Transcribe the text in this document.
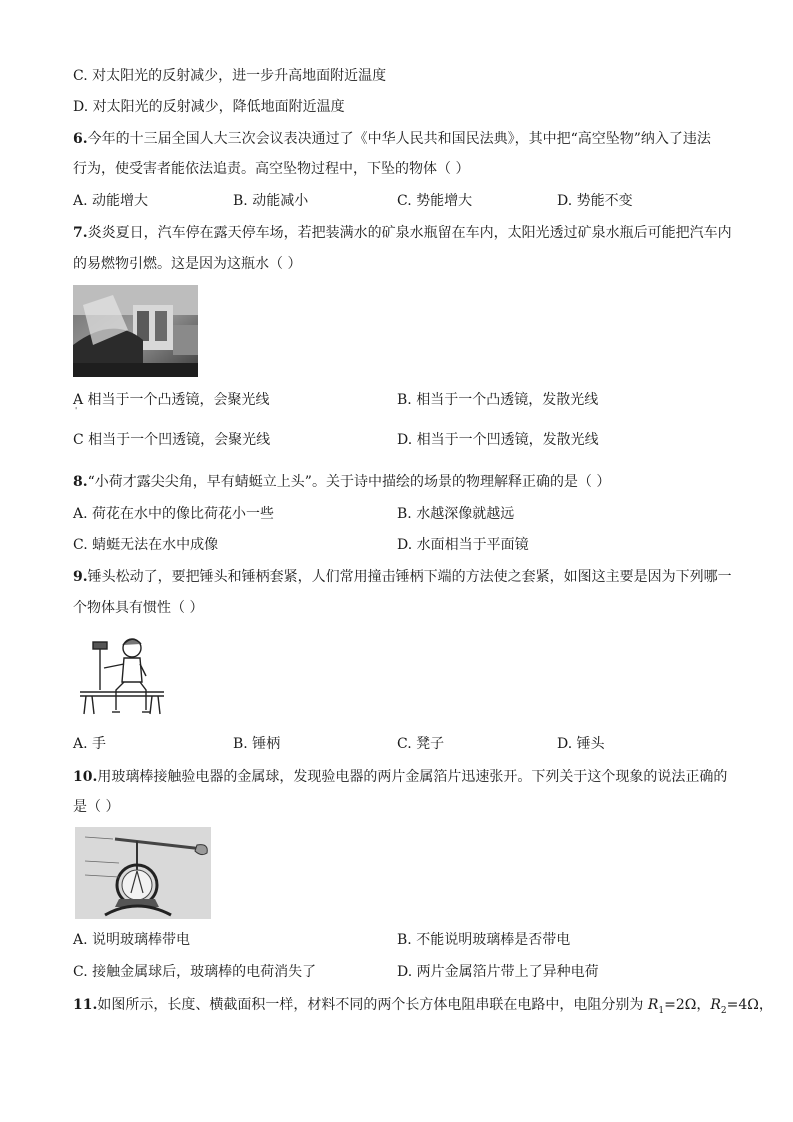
C. 对太阳光的反射减少，进一步升高地面附近温度
D. 对太阳光的反射减少，降低地面附近温度
6.今年的十三届全国人大三次会议表决通过了《中华人民共和国民法典》，其中把“高空坠物”纳入了违法
行为，使受害者能依法追责。高空坠物过程中，下坠的物体（ ）
A. 动能增大	B. 动能减小	C. 势能增大	D. 势能不变
7.炎炎夏日，汽车停在露天停车场，若把装满水的矿泉水瓶留在车内，太阳光透过矿泉水瓶后可能把汽车内
的易燃物引燃。这是因为这瓶水（ ）
A 相当于一个凸透镜，会聚光线	B. 相当于一个凸透镜，发散光线
'
C 相当于一个凹透镜，会聚光线	D. 相当于一个凹透镜，发散光线
8.“小荷才露尖尖角，早有蜻蜓立上头”。关于诗中描绘的场景的物理解释正确的是（ ）
A. 荷花在水中的像比荷花小一些	B. 水越深像就越远
C. 蜻蜓无法在水中成像	D. 水面相当于平面镜
9.锤头松动了，要把锤头和锤柄套紧，人们常用撞击锤柄下端的方法使之套紧，如图这主要是因为下列哪一
个物体具有惯性（ ）
A. 手	B. 锤柄	C. 凳子	D. 锤头
10.用玻璃棒接触验电器的金属球，发现验电器的两片金属箔片迅速张开。下列关于这个现象的说法正确的
是（ ）
A. 说明玻璃棒带电	B. 不能说明玻璃棒是否带电
C. 接触金属球后，玻璃棒的电荷消失了	D. 两片金属箔片带上了异种电荷
11.如图所示，长度、横截面积一样，材料不同的两个长方体电阻串联在电路中，电阻分别为 $R_1=2\Omega$，$R_2=4\Omega$，
